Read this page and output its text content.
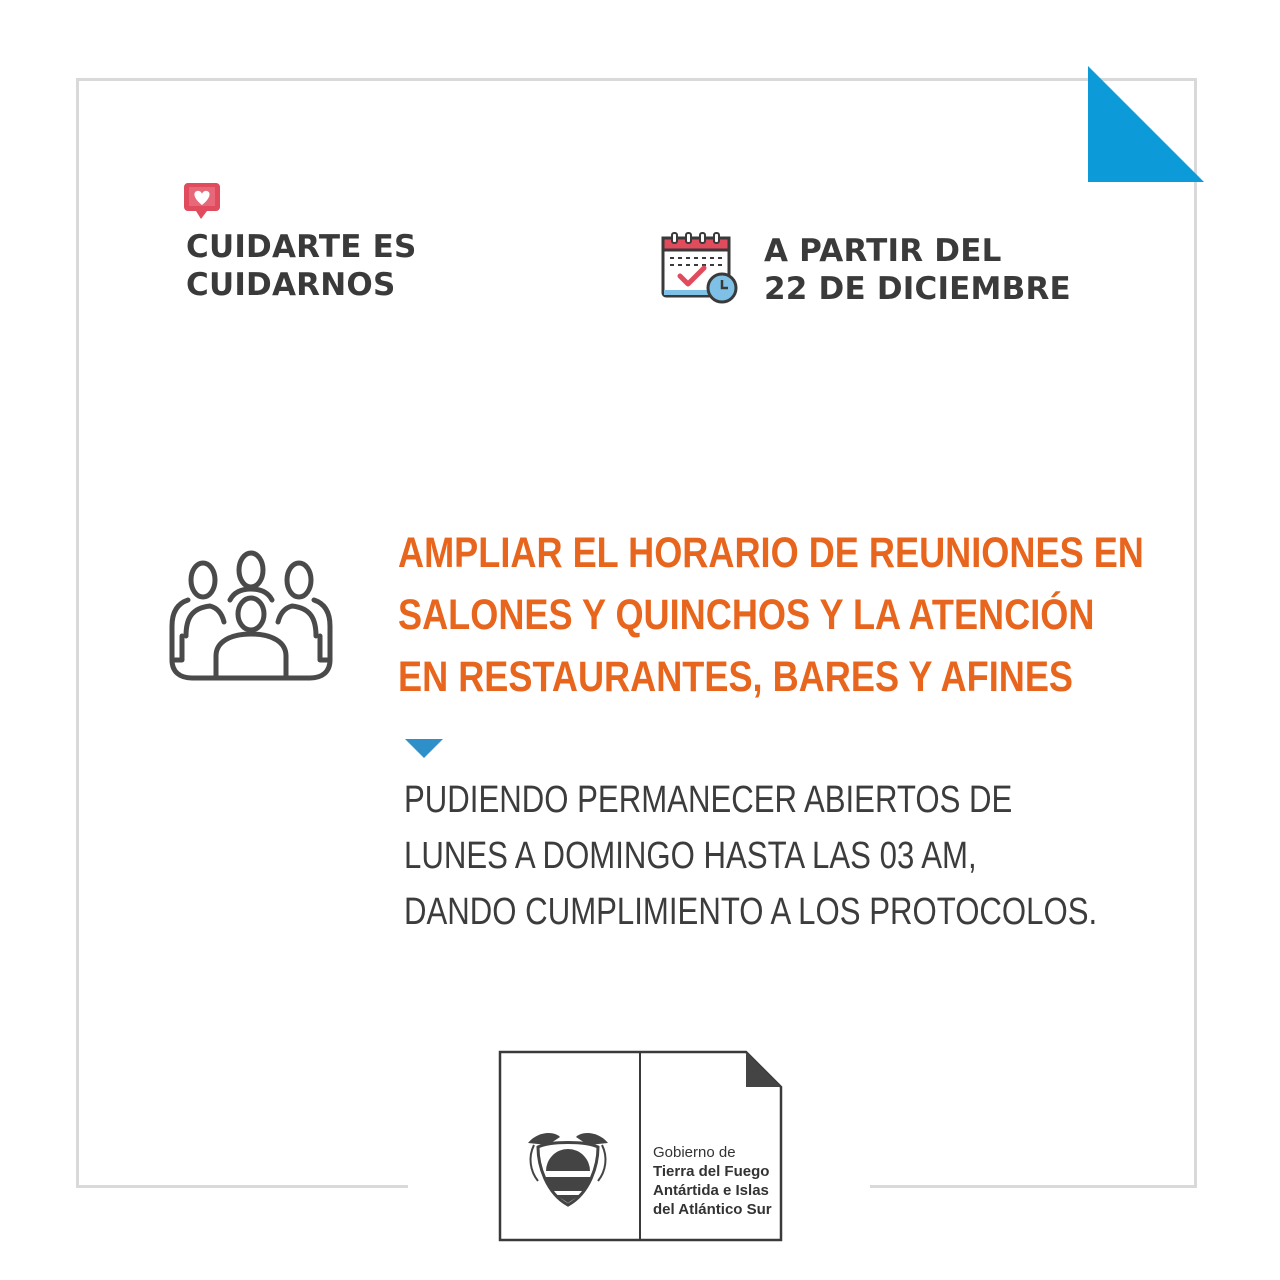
CUIDARTE ES
CUIDARNOS
A PARTIR DEL
22 DE DICIEMBRE
AMPLIAR EL HORARIO DE REUNIONES EN
SALONES Y QUINCHOS Y LA ATENCIÓN
EN RESTAURANTES, BARES Y AFINES
PUDIENDO PERMANECER ABIERTOS DE
LUNES A DOMINGO HASTA LAS 03 AM,
DANDO CUMPLIMIENTO A LOS PROTOCOLOS.
Gobierno de
Tierra del Fuego
Antártida e Islas
del Atlántico Sur
